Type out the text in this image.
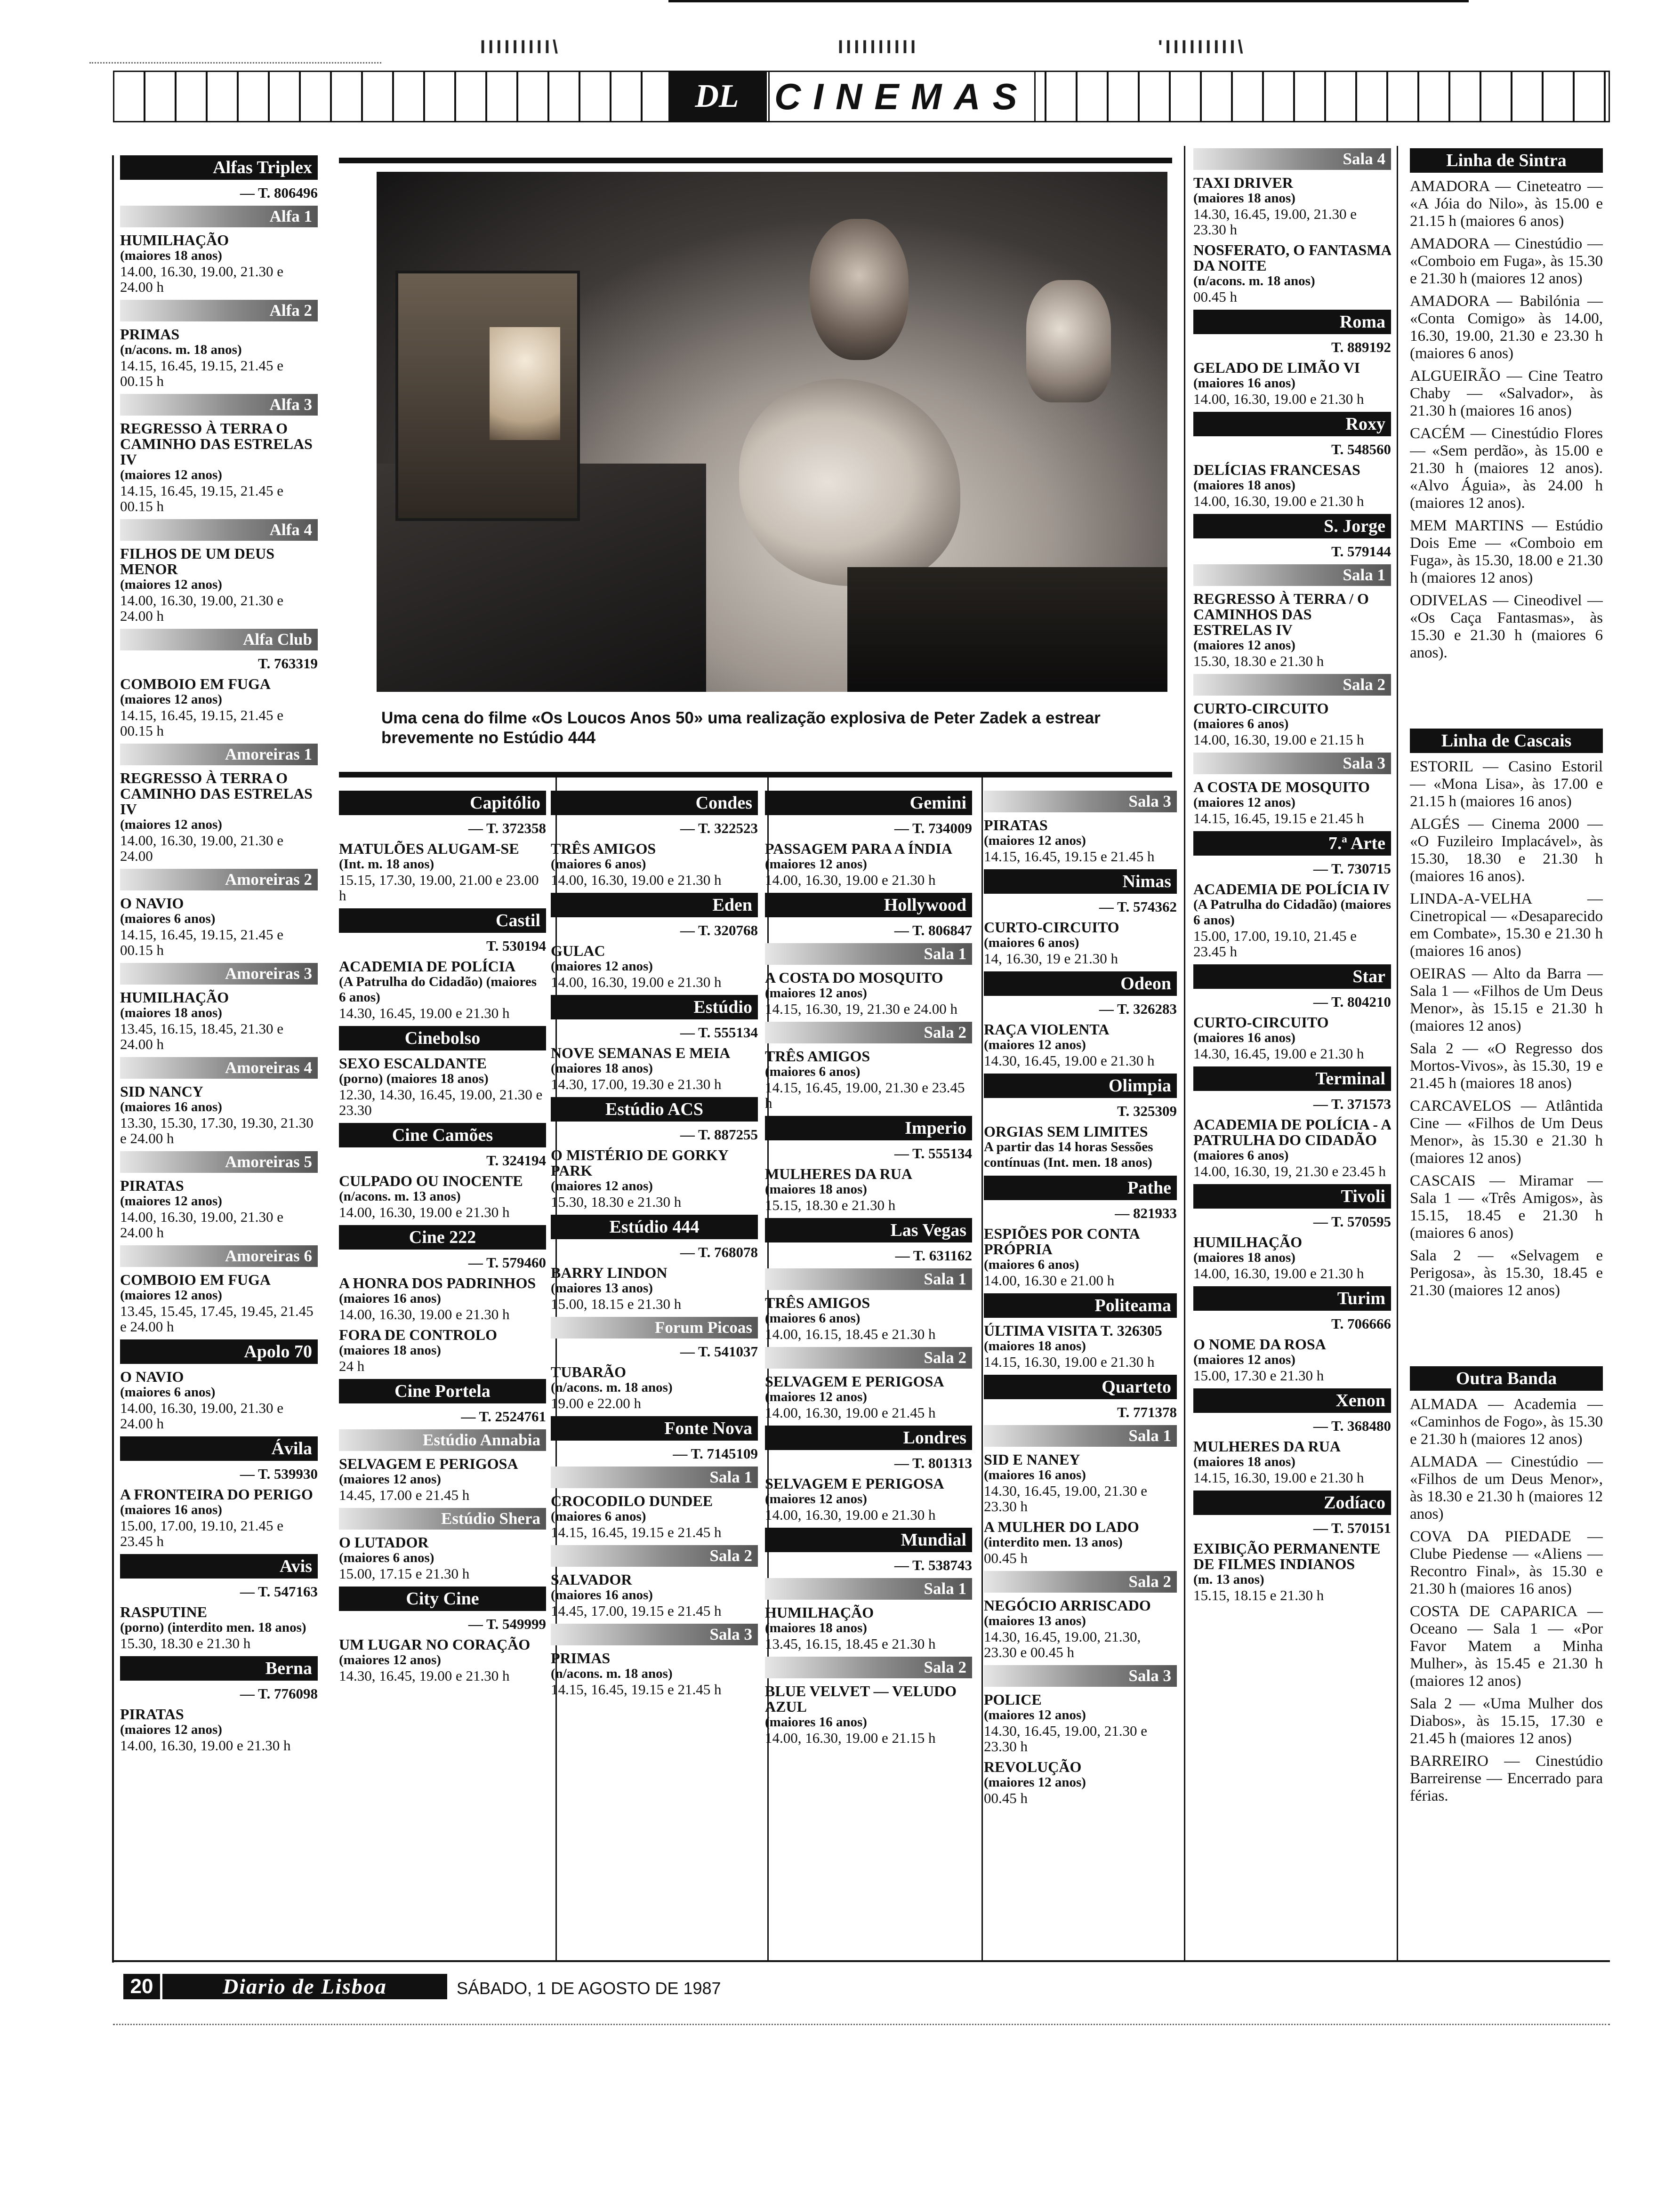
IIIIIIIII\	IIIIIIIIII	'IIIIIIIII\
DL CINEMAS
Uma cena do filme «Os Loucos Anos 50» uma realização explosiva de Peter Zadek a estrear brevemente no Estúdio 444
Alfas Triplex
— T. 806496
Alfa 1
HUMILHAÇÃO
(maiores 18 anos)
14.00, 16.30, 19.00, 21.30 e 24.00 h
Alfa 2
PRIMAS
(n/acons. m. 18 anos)
14.15, 16.45, 19.15, 21.45 e 00.15 h
Alfa 3
REGRESSO À TERRA O CAMINHO DAS ESTRELAS IV
(maiores 12 anos)
14.15, 16.45, 19.15, 21.45 e 00.15 h
Alfa 4
FILHOS DE UM DEUS MENOR
(maiores 12 anos)
14.00, 16.30, 19.00, 21.30 e 24.00 h
Alfa Club
T. 763319
COMBOIO EM FUGA
(maiores 12 anos)
14.15, 16.45, 19.15, 21.45 e 00.15 h
Amoreiras 1
REGRESSO À TERRA O CAMINHO DAS ESTRELAS IV
(maiores 12 anos)
14.00, 16.30, 19.00, 21.30 e 24.00
Amoreiras 2
O NAVIO
(maiores 6 anos)
14.15, 16.45, 19.15, 21.45 e 00.15 h
Amoreiras 3
HUMILHAÇÃO
(maiores 18 anos)
13.45, 16.15, 18.45, 21.30 e 24.00 h
Amoreiras 4
SID NANCY
(maiores 16 anos)
13.30, 15.30, 17.30, 19.30, 21.30 e 24.00 h
Amoreiras 5
PIRATAS
(maiores 12 anos)
14.00, 16.30, 19.00, 21.30 e 24.00 h
Amoreiras 6
COMBOIO EM FUGA
(maiores 12 anos)
13.45, 15.45, 17.45, 19.45, 21.45 e 24.00 h
Apolo 70
O NAVIO
(maiores 6 anos)
14.00, 16.30, 19.00, 21.30 e 24.00 h
Ávila
— T. 539930
A FRONTEIRA DO PERIGO
(maiores 16 anos)
15.00, 17.00, 19.10, 21.45 e 23.45 h
Avis
— T. 547163
RASPUTINE
(porno) (interdito men. 18 anos)
15.30, 18.30 e 21.30 h
Berna
— T. 776098
PIRATAS
(maiores 12 anos)
14.00, 16.30, 19.00 e 21.30 h
Capitólio
— T. 372358
MATULÕES ALUGAM-SE
(Int. m. 18 anos)
15.15, 17.30, 19.00, 21.00 e 23.00 h
Castil
T. 530194
ACADEMIA DE POLÍCIA
(A Patrulha do Cidadão) (maiores 6 anos)
14.30, 16.45, 19.00 e 21.30 h
Cinebolso
SEXO ESCALDANTE
(porno) (maiores 18 anos)
12.30, 14.30, 16.45, 19.00, 21.30 e 23.30
Cine Camões
T. 324194
CULPADO OU INOCENTE
(n/acons. m. 13 anos)
14.00, 16.30, 19.00 e 21.30 h
Cine 222
— T. 579460
A HONRA DOS PADRINHOS
(maiores 16 anos)
14.00, 16.30, 19.00 e 21.30 h
FORA DE CONTROLO
(maiores 18 anos)
24 h
Cine Portela
— T. 2524761
Estúdio Annabia
SELVAGEM E PERIGOSA
(maiores 12 anos)
14.45, 17.00 e 21.45 h
Estúdio Shera
O LUTADOR
(maiores 6 anos)
15.00, 17.15 e 21.30 h
City Cine
— T. 549999
UM LUGAR NO CORAÇÃO
(maiores 12 anos)
14.30, 16.45, 19.00 e 21.30 h
Condes
— T. 322523
TRÊS AMIGOS
(maiores 6 anos)
14.00, 16.30, 19.00 e 21.30 h
Eden
— T. 320768
GULAC
(maiores 12 anos)
14.00, 16.30, 19.00 e 21.30 h
Estúdio
— T. 555134
NOVE SEMANAS E MEIA
(maiores 18 anos)
14.30, 17.00, 19.30 e 21.30 h
Estúdio ACS
— T. 887255
O MISTÉRIO DE GORKY PARK
(maiores 12 anos)
15.30, 18.30 e 21.30 h
Estúdio 444
— T. 768078
BARRY LINDON
(maiores 13 anos)
15.00, 18.15 e 21.30 h
Forum Picoas
— T. 541037
TUBARÃO
(n/acons. m. 18 anos)
19.00 e 22.00 h
Fonte Nova
— T. 7145109
Sala 1
CROCODILO DUNDEE
(maiores 6 anos)
14.15, 16.45, 19.15 e 21.45 h
Sala 2
SALVADOR
(maiores 16 anos)
14.45, 17.00, 19.15 e 21.45 h
Sala 3
PRIMAS
(n/acons. m. 18 anos)
14.15, 16.45, 19.15 e 21.45 h
Gemini
— T. 734009
PASSAGEM PARA A ÍNDIA
(maiores 12 anos)
14.00, 16.30, 19.00 e 21.30 h
Hollywood
— T. 806847
Sala 1
A COSTA DO MOSQUITO
(maiores 12 anos)
14.15, 16.30, 19, 21.30 e 24.00 h
Sala 2
TRÊS AMIGOS
(maiores 6 anos)
14.15, 16.45, 19.00, 21.30 e 23.45 h
Imperio
— T. 555134
MULHERES DA RUA
(maiores 18 anos)
15.15, 18.30 e 21.30 h
Las Vegas
— T. 631162
Sala 1
TRÊS AMIGOS
(maiores 6 anos)
14.00, 16.15, 18.45 e 21.30 h
Sala 2
SELVAGEM E PERIGOSA
(maiores 12 anos)
14.00, 16.30, 19.00 e 21.45 h
Londres
— T. 801313
SELVAGEM E PERIGOSA
(maiores 12 anos)
14.00, 16.30, 19.00 e 21.30 h
Mundial
— T. 538743
Sala 1
HUMILHAÇÃO
(maiores 18 anos)
13.45, 16.15, 18.45 e 21.30 h
Sala 2
BLUE VELVET — VELUDO AZUL
(maiores 16 anos)
14.00, 16.30, 19.00 e 21.15 h
Sala 3
PIRATAS
(maiores 12 anos)
14.15, 16.45, 19.15 e 21.45 h
Nimas
— T. 574362
CURTO-CIRCUITO
(maiores 6 anos)
14, 16.30, 19 e 21.30 h
Odeon
— T. 326283
RAÇA VIOLENTA
(maiores 12 anos)
14.30, 16.45, 19.00 e 21.30 h
Olimpia
T. 325309
ORGIAS SEM LIMITES
A partir das 14 horas Sessões contínuas (Int. men. 18 anos)
Pathe
— 821933
ESPIÕES POR CONTA PRÓPRIA
(maiores 6 anos)
14.00, 16.30 e 21.00 h
Politeama
ÚLTIMA VISITA T. 326305
(maiores 18 anos)
14.15, 16.30, 19.00 e 21.30 h
Quarteto
T. 771378
Sala 1
SID E NANEY
(maiores 16 anos)
14.30, 16.45, 19.00, 21.30 e 23.30 h
A MULHER DO LADO
(interdito men. 13 anos)
00.45 h
Sala 2
NEGÓCIO ARRISCADO
(maiores 13 anos)
14.30, 16.45, 19.00, 21.30, 23.30 e 00.45 h
Sala 3
POLICE
(maiores 12 anos)
14.30, 16.45, 19.00, 21.30 e 23.30 h
REVOLUÇÃO
(maiores 12 anos)
00.45 h
Sala 4
TAXI DRIVER
(maiores 18 anos)
14.30, 16.45, 19.00, 21.30 e 23.30 h
NOSFERATO, O FANTASMA DA NOITE
(n/acons. m. 18 anos)
00.45 h
Roma
T. 889192
GELADO DE LIMÃO VI
(maiores 16 anos)
14.00, 16.30, 19.00 e 21.30 h
Roxy
T. 548560
DELÍCIAS FRANCESAS
(maiores 18 anos)
14.00, 16.30, 19.00 e 21.30 h
S. Jorge
T. 579144
Sala 1
REGRESSO À TERRA / O CAMINHOS DAS ESTRELAS IV
(maiores 12 anos)
15.30, 18.30 e 21.30 h
Sala 2
CURTO-CIRCUITO
(maiores 6 anos)
14.00, 16.30, 19.00 e 21.15 h
Sala 3
A COSTA DE MOSQUITO
(maiores 12 anos)
14.15, 16.45, 19.15 e 21.45 h
7.ª Arte
— T. 730715
ACADEMIA DE POLÍCIA IV
(A Patrulha do Cidadão) (maiores 6 anos)
15.00, 17.00, 19.10, 21.45 e 23.45 h
Star
— T. 804210
CURTO-CIRCUITO
(maiores 16 anos)
14.30, 16.45, 19.00 e 21.30 h
Terminal
— T. 371573
ACADEMIA DE POLÍCIA - A PATRULHA DO CIDADÃO
(maiores 6 anos)
14.00, 16.30, 19, 21.30 e 23.45 h
Tivoli
— T. 570595
HUMILHAÇÃO
(maiores 18 anos)
14.00, 16.30, 19.00 e 21.30 h
Turim
T. 706666
O NOME DA ROSA
(maiores 12 anos)
15.00, 17.30 e 21.30 h
Xenon
— T. 368480
MULHERES DA RUA
(maiores 18 anos)
14.15, 16.30, 19.00 e 21.30 h
Zodíaco
— T. 570151
EXIBIÇÃO PERMANENTE DE FILMES INDIANOS
(m. 13 anos)
15.15, 18.15 e 21.30 h
Linha de Sintra
AMADORA — Cineteatro — «A Jóia do Nilo», às 15.00 e 21.15 h (maiores 6 anos)
AMADORA — Cinestúdio — «Comboio em Fuga», às 15.30 e 21.30 h (maiores 12 anos)
AMADORA — Babilónia — «Conta Comigo» às 14.00, 16.30, 19.00, 21.30 e 23.30 h (maiores 6 anos)
ALGUEIRÃO — Cine Teatro Chaby — «Salvador», às 21.30 h (maiores 16 anos)
CACÉM — Cinestúdio Flores — «Sem perdão», às 15.00 e 21.30 h (maiores 12 anos). «Alvo Águia», às 24.00 h (maiores 12 anos).
MEM MARTINS — Estúdio Dois Eme — «Comboio em Fuga», às 15.30, 18.00 e 21.30 h (maiores 12 anos)
ODIVELAS — Cineodivel — «Os Caça Fantasmas», às 15.30 e 21.30 h (maiores 6 anos).
Linha de Cascais
ESTORIL — Casino Estoril — «Mona Lisa», às 17.00 e 21.15 h (maiores 16 anos)
ALGÉS — Cinema 2000 — «O Fuzileiro Implacável», às 15.30, 18.30 e 21.30 h (maiores 16 anos).
LINDA-A-VELHA — Cinetropical — «Desaparecido em Combate», 15.30 e 21.30 h (maiores 16 anos)
OEIRAS — Alto da Barra — Sala 1 — «Filhos de Um Deus Menor», às 15.15 e 21.30 h (maiores 12 anos)
Sala 2 — «O Regresso dos Mortos-Vivos», às 15.30, 19 e 21.45 h (maiores 18 anos)
CARCAVELOS — Atlântida Cine — «Filhos de Um Deus Menor», às 15.30 e 21.30 h (maiores 12 anos)
CASCAIS — Miramar — Sala 1 — «Três Amigos», às 15.15, 18.45 e 21.30 h (maiores 6 anos)
Sala 2 — «Selvagem e Perigosa», às 15.30, 18.45 e 21.30 (maiores 12 anos)
Outra Banda
ALMADA — Academia — «Caminhos de Fogo», às 15.30 e 21.30 h (maiores 12 anos)
ALMADA — Cinestúdio — «Filhos de um Deus Menor», às 18.30 e 21.30 h (maiores 12 anos)
COVA DA PIEDADE — Clube Piedense — «Aliens — Recontro Final», às 15.30 e 21.30 h (maiores 16 anos)
COSTA DE CAPARICA — Oceano — Sala 1 — «Por Favor Matem a Minha Mulher», às 15.45 e 21.30 h (maiores 12 anos)
Sala 2 — «Uma Mulher dos Diabos», às 15.15, 17.30 e 21.45 h (maiores 12 anos)
BARREIRO — Cinestúdio Barreirense — Encerrado para férias.
20	Diario de Lisboa	SÁBADO, 1 DE AGOSTO DE 1987
